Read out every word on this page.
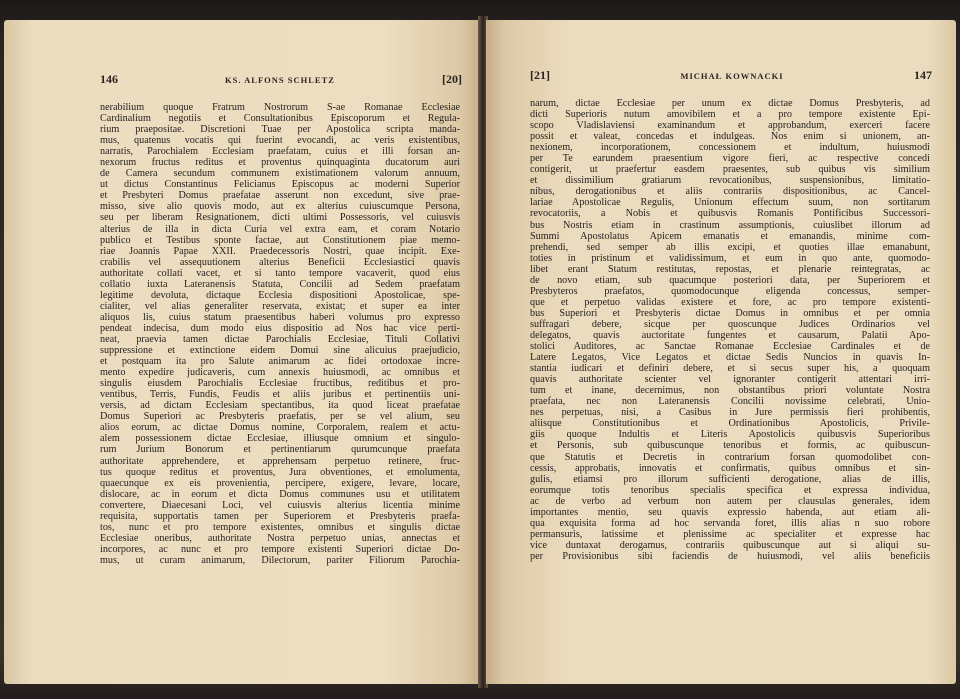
146	KS. ALFONS SCHLETZ	[20]
nerabilium quoque Fratrum Nostrorum S-ae Romanae Ecclesiae
Cardinalium negotiis et Consultationibus Episcoporum et Regula-
rium praepositae. Discretioni Tuae per Apostolica scripta manda-
mus, quatenus vocatis qui fuerint evocandi, ac veris existentibus,
narratis, Parochialem Ecclesiam praefatam, cuius et illi forsan an-
nexorum fructus reditus et proventus quinquaginta ducatorum auri
de Camera secundum communem existimationem valorum annuum,
ut dictus Constantinus Felicianus Episcopus ac moderni Superior
et Presbyteri Domus praefatae asserunt non excedunt, sive prae-
misso, sive alio quovis modo, aut ex alterius cuiuscumque Persona,
seu per liberam Resignationem, dicti ultimi Possessoris, vel cuiusvis
alterius de illa in dicta Curia vel extra eam, et coram Notario
publico et Testibus sponte factae, aut Constitutionem piae memo-
riae Joannis Papae XXII. Praedecessoris Nostri, quae incipit. Exe-
crabilis vel assequutionem alterius Beneficii Ecclesiastici quavis
authoritate collati vacet, et si tanto tempore vacaverit, quod eius
collatio iuxta Lateranensis Statuta, Concilii ad Sedem praefatam
legitime devoluta, dictaque Ecclesia dispositioni Apostolicae, spe-
cialiter, vel alias generaliter reservata, existat; et super ea inter
aliquos lis, cuius statum praesentibus haberi volumus pro expresso
pendeat indecisa, dum modo eius dispositio ad Nos hac vice perti-
neat, praevia tamen dictae Parochialis Ecclesiae, Tituli Collativi
suppressione et extinctione eidem Domui sine alicuius praejudicio,
et postquam ita pro Salute animarum ac fidei ortodoxae incre-
mento expedire judicaveris, cum annexis huiusmodi, ac omnibus et
singulis eiusdem Parochialis Ecclesiae fructibus, reditibus et pro-
ventibus, Terris, Fundis, Feudis et aliis juribus et pertinentiis uni-
versis, ad dictam Ecclesiam spectantibus, ita quod liceat praefatae
Domus Superiori ac Presbyteris praefatis, per se vel alium, seu
alios eorum, ac dictae Domus nomine, Corporalem, realem et actu-
alem possessionem dictae Ecclesiae, illiusque omnium et singulo-
rum Jurium Bonorum et pertinentiarum qurumcunque praefata
authoritate apprehendere, et apprehensam perpetuo retinere, fruc-
tus quoque reditus et proventus, Jura obventiones, et emolumenta,
quaecunque ex eis provenientia, percipere, exigere, levare, locare,
dislocare, ac in eorum et dicta Domus communes usu et utilitatem
convertere, Diaecesani Loci, vel cuiusvis alterius licentia minime
requisita, supportatis tamen per Superiorem et Presbyteris praefa-
tos, nunc et pro tempore existentes, omnibus et singulis dictae
Ecclesiae oneribus, authoritate Nostra perpetuo unias, annectas et
incorpores, ac nunc et pro tempore existenti Superiori dictae Do-
mus, ut curam animarum, Dilectorum, pariter Filiorum Parochia-
[21]	MICHAŁ KOWNACKI	147
narum, dictae Ecclesiae per unum ex dictae Domus Presbyteris, ad
dicti Superioris nutum amovibilem et a pro tempore existente Epi-
scopo Vladislaviensi examinandum et approbandum, exerceri facere
possit et valeat, concedas et indulgeas. Nos enim si unionem, an-
nexionem, incorporationem, concessionem et indultum, huiusmodi
per Te earundem praesentium vigore fieri, ac respective concedi
contigerit, ut praefertur easdem praesentes, sub quibus vis similium
et dissimilium gratiarum revocationibus, suspensionibus, limitatio-
nibus, derogationibus et aliis contrariis dispositionibus, ac Cancel-
lariae Apostolicae Regulis, Unionum effectum suum, non sortitarum
revocatoriis, a Nobis et quibusvis Romanis Pontificibus Successori-
bus Nostris etiam in crastinum assumptionis, cuiuslibet illorum ad
Summi Apostolatus Apicem emanatis et emanandis, minime com-
prehendi, sed semper ab illis excipi, et quoties illae emanabunt,
toties in pristinum et validissimum, et eum in quo ante, quomodo-
libet erant Statum restitutas, repostas, et plenarie reintegratas, ac
de novo etiam, sub quacumque posteriori data, per Superiorem et
Presbyteros praefatos, quomodocunque eligenda concessus, semper-
que et perpetuo validas existere et fore, ac pro tempore existenti-
bus Superiori et Presbyteris dictae Domus in omnibus et per omnia
suffragari debere, sicque per quoscunque Judices Ordinarios vel
delegatos, quavis auctoritate fungentes et causarum, Palatii Apo-
stolici Auditores, ac Sanctae Romanae Ecclesiae Cardinales et de
Latere Legatos, Vice Legatos et dictae Sedis Nuncios in quavis In-
stantia iudicari et definiri debere, et si secus super his, a quoquam
quavis authoritate scienter vel ignoranter contigerit attentari irri-
tum et inane, decernimus, non obstantibus priori voluntate Nostra
praefata, nec non Lateranensis Concilii novissime celebrati, Unio-
nes perpetuas, nisi, a Casibus in Jure permissis fieri prohibentis,
aliisque Constitutionibus et Ordinationibus Apostolicis, Privile-
giis quoque Indultis et Literis Apostolicis quibusvis Superioribus
et Personis, sub quibuscunque tenoribus et formis, ac quibuscun-
que Statutis et Decretis in contrarium forsan quomodolibet con-
cessis, approbatis, innovatis et confirmatis, quibus omnibus et sin-
gulis, etiamsi pro illorum sufficienti derogatione, alias de illis,
eorumque totis tenoribus specialis specifica et expressa individua,
ac de verbo ad verbum non autem per clausulas generales, idem
importantes mentio, seu quavis expressio habenda, aut etiam ali-
qua exquisita forma ad hoc servanda foret, illis alias n suo robore
permansuris, latissime et plenissime ac specialiter et expresse hac
vice duntaxat derogamus, contrariis quibuscunque aut si aliqui su-
per Provisionibus sibi faciendis de huiusmodi, vel aliis beneficiis
